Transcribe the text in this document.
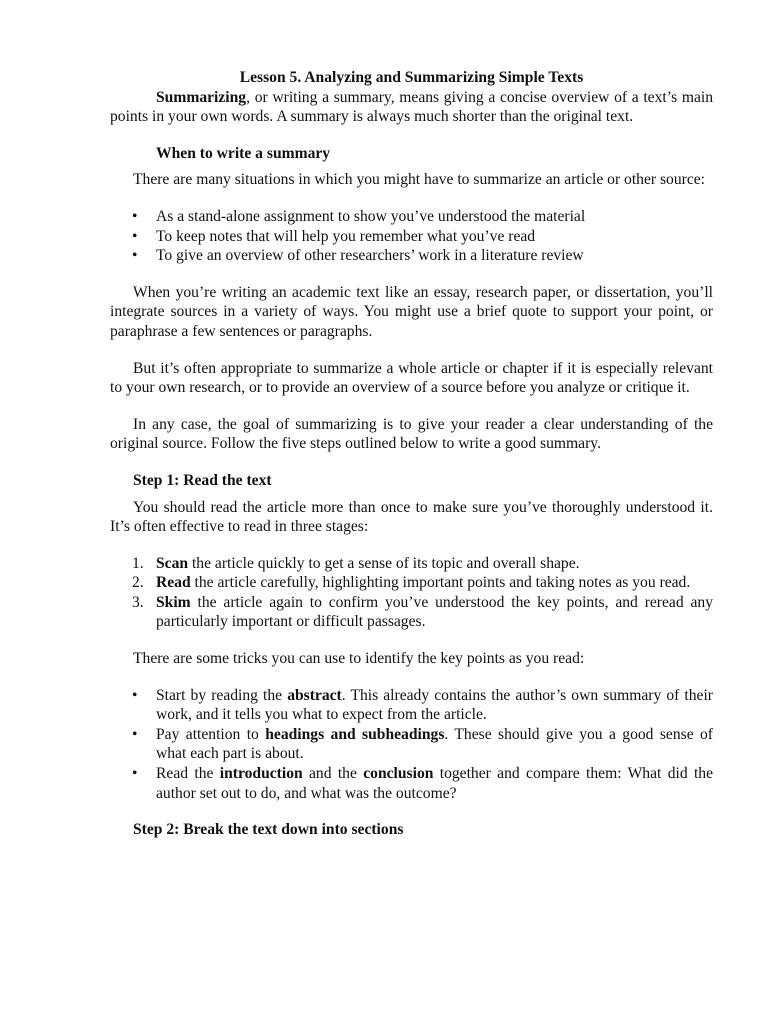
Lesson 5. Analyzing and Summarizing Simple Texts

Summarizing, or writing a summary, means giving a concise overview of a text’s main points in your own words. A summary is always much shorter than the original text.

When to write a summary

There are many situations in which you might have to summarize an article or other source:

• As a stand-alone assignment to show you’ve understood the material
• To keep notes that will help you remember what you’ve read
• To give an overview of other researchers’ work in a literature review

When you’re writing an academic text like an essay, research paper, or dissertation, you’ll integrate sources in a variety of ways. You might use a brief quote to support your point, or paraphrase a few sentences or paragraphs.

But it’s often appropriate to summarize a whole article or chapter if it is especially relevant to your own research, or to provide an overview of a source before you analyze or critique it.

In any case, the goal of summarizing is to give your reader a clear understanding of the original source. Follow the five steps outlined below to write a good summary.

Step 1: Read the text

You should read the article more than once to make sure you’ve thoroughly understood it. It’s often effective to read in three stages:

1. Scan the article quickly to get a sense of its topic and overall shape.
2. Read the article carefully, highlighting important points and taking notes as you read.
3. Skim the article again to confirm you’ve understood the key points, and reread any particularly important or difficult passages.

There are some tricks you can use to identify the key points as you read:

• Start by reading the abstract. This already contains the author’s own summary of their work, and it tells you what to expect from the article.
• Pay attention to headings and subheadings. These should give you a good sense of what each part is about.
• Read the introduction and the conclusion together and compare them: What did the author set out to do, and what was the outcome?

Step 2: Break the text down into sections
